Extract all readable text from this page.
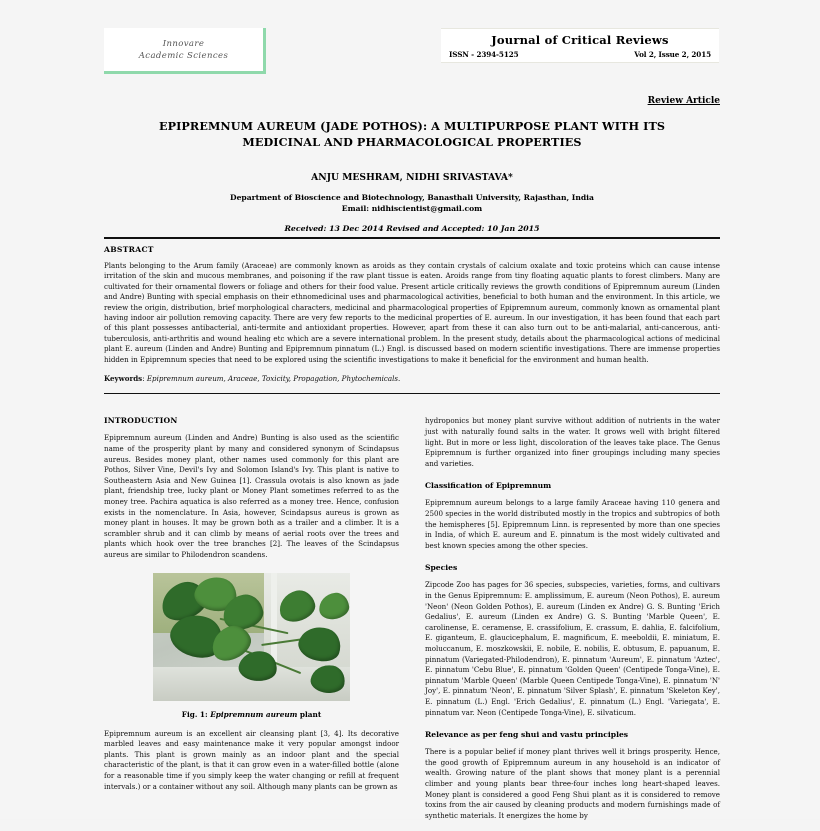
Innovare
Academic Sciences
Journal of Critical Reviews
ISSN - 2394-5125	Vol 2, Issue 2, 2015
Review Article
EPIPREMNUM AUREUM (JADE POTHOS): A MULTIPURPOSE PLANT WITH ITS MEDICINAL AND PHARMACOLOGICAL PROPERTIES
ANJU MESHRAM, NIDHI SRIVASTAVA*
Department of Bioscience and Biotechnology, Banasthali University, Rajasthan, India
Email: nidhiscientist@gmail.com
Received: 13 Dec 2014 Revised and Accepted: 10 Jan 2015
ABSTRACT
Plants belonging to the Arum family (Araceae) are commonly known as aroids as they contain crystals of calcium oxalate and toxic proteins which can cause intense irritation of the skin and mucous membranes, and poisoning if the raw plant tissue is eaten. Aroids range from tiny floating aquatic plants to forest climbers. Many are cultivated for their ornamental flowers or foliage and others for their food value. Present article critically reviews the growth conditions of Epipremnum aureum (Linden and Andre) Bunting with special emphasis on their ethnomedicinal uses and pharmacological activities, beneficial to both human and the environment. In this article, we review the origin, distribution, brief morphological characters, medicinal and pharmacological properties of Epipremnum aureum, commonly known as ornamental plant having indoor air pollution removing capacity. There are very few reports to the medicinal properties of E. aureum. In our investigation, it has been found that each part of this plant possesses antibacterial, anti-termite and antioxidant properties. However, apart from these it can also turn out to be anti-malarial, anti-cancerous, anti-tuberculosis, anti-arthritis and wound healing etc which are a severe international problem. In the present study, details about the pharmacological actions of medicinal plant E. aureum (Linden and Andre) Bunting and Epipremnum pinnatum (L.) Engl. is discussed based on modern scientific investigations. There are immense properties hidden in Epipremnum species that need to be explored using the scientific investigations to make it beneficial for the environment and human health.
Keywords: Epipremnum aureum, Araceae, Toxicity, Propagation, Phytochemicals.
INTRODUCTION

Epipremnum aureum (Linden and Andre) Bunting is also used as the scientific name of the prosperity plant by many and considered synonym of Scindapsus aureus. Besides money plant, other names used commonly for this plant are Pothos, Silver Vine, Devil's Ivy and Solomon Island's Ivy. This plant is native to Southeastern Asia and New Guinea [1]. Crassula ovotais is also known as jade plant, friendship tree, lucky plant or Money Plant sometimes referred to as the money tree. Pachira aquatica is also referred as a money tree. Hence, confusion exists in the nomenclature. In Asia, however, Scindapsus aureus is grown as money plant in houses. It may be grown both as a trailer and a climber. It is a scrambler shrub and it can climb by means of aerial roots over the trees and plants which hook over the tree branches [2]. The leaves of the Scindapsus aureus are similar to Philodendron scandens.

Fig. 1: Epipremnum aureum plant

Epipremnum aureum is an excellent air cleansing plant [3, 4]. Its decorative marbled leaves and easy maintenance make it very popular amongst indoor plants. This plant is grown mainly as an indoor plant and the special characteristic of the plant, is that it can grow even in a water-filled bottle (alone for a reasonable time if you simply keep the water changing or refill at frequent intervals.) or a container without any soil. Although many plants can be grown as

hydroponics but money plant survive without addition of nutrients in the water just with naturally found salts in the water. It grows well with bright filtered light. But in more or less light, discoloration of the leaves take place. The Genus Epipremnum is further organized into finer groupings including many species and varieties.

Classification of Epipremnum

Epipremnum aureum belongs to a large family Araceae having 110 genera and 2500 species in the world distributed mostly in the tropics and subtropics of both the hemispheres [5]. Epipremnum Linn. is represented by more than one species in India, of which E. aureum and E. pinnatum is the most widely cultivated and best known species among the other species.

Species

Zipcode Zoo has pages for 36 species, subspecies, varieties, forms, and cultivars in the Genus Epipremnum: E. amplissimum, E. aureum (Neon Pothos), E. aureum 'Neon' (Neon Golden Pothos), E. aureum (Linden ex Andre) G. S. Bunting 'Erich Gedalius', E. aureum (Linden ex Andre) G. S. Bunting 'Marble Queen', E. carolinense, E. ceramense, E. crassifolium, E. crassum, E. dahlia, E. falcifolium, E. giganteum, E. glaucicephalum, E. magnificum, E. meeboldii, E. miniatum, E. moluccanum, E. moszkowskii, E. nobile, E. nobilis, E. obtusum, E. papuanum, E. pinnatum (Variegated-Philodendron), E. pinnatum 'Aureum', E. pinnatum 'Aztec', E. pinnatum 'Cebu Blue', E. pinnatum 'Golden Queen' (Centipede Tonga-Vine), E. pinnatum 'Marble Queen' (Marble Queen Centipede Tonga-Vine), E. pinnatum 'N' Joy', E. pinnatum 'Neon', E. pinnatum 'Silver Splash', E. pinnatum 'Skeleton Key', E. pinnatum (L.) Engl. 'Erich Gedalius', E. pinnatum (L.) Engl. 'Variegata', E. pinnatum var. Neon (Centipede Tonga-Vine), E. silvaticum.

Relevance as per feng shui and vastu principles

There is a popular belief if money plant thrives well it brings prosperity. Hence, the good growth of Epipremnum aureum in any household is an indicator of wealth. Growing nature of the plant shows that money plant is a perennial climber and young plants bear three-four inches long heart-shaped leaves. Money plant is considered a good Feng Shui plant as it is considered to remove toxins from the air caused by cleaning products and modern furnishings made of synthetic materials. It energizes the home by
